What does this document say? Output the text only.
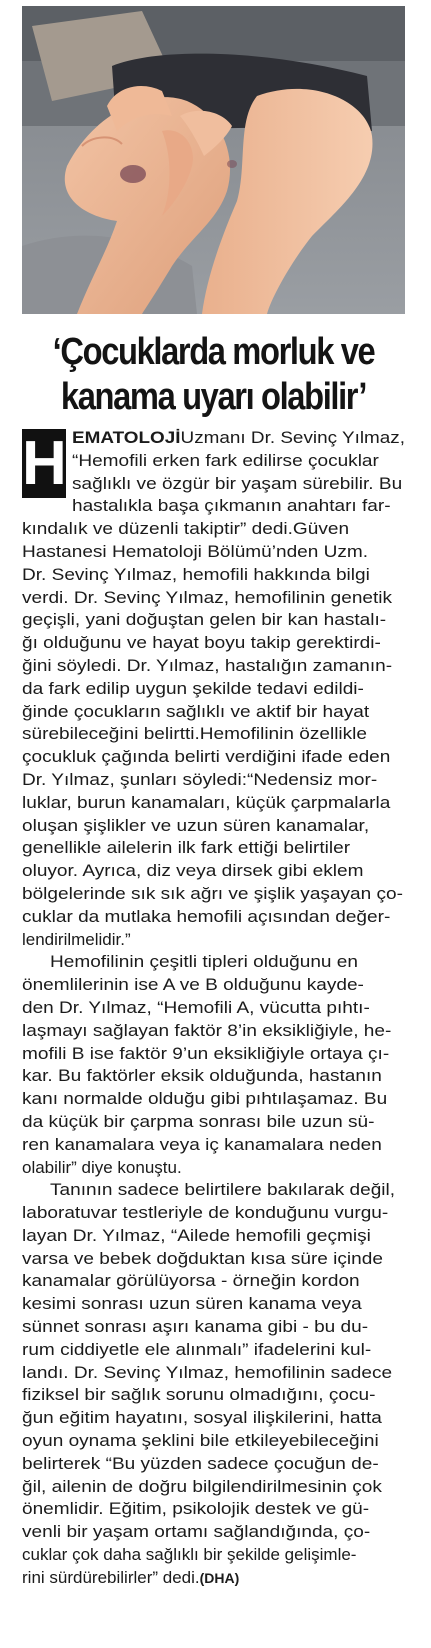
‘Çocuklarda morluk ve
kanama uyarı olabilir’
H EMATOLOJİUzmanı Dr. Sevinç Yılmaz,
“Hemofili erken fark edilirse çocuklar
sağlıklı ve özgür bir yaşam sürebilir. Bu
hastalıkla başa çıkmanın anahtarı far-
kındalık ve düzenli takiptir” dedi.Güven
Hastanesi Hematoloji Bölümü’nden Uzm.
Dr. Sevinç Yılmaz, hemofili hakkında bilgi
verdi. Dr. Sevinç Yılmaz, hemofilinin genetik
geçişli, yani doğuştan gelen bir kan hastalı-
ğı olduğunu ve hayat boyu takip gerektirdi-
ğini söyledi. Dr. Yılmaz, hastalığın zamanın-
da fark edilip uygun şekilde tedavi edildi-
ğinde çocukların sağlıklı ve aktif bir hayat
sürebileceğini belirtti.Hemofilinin özellikle
çocukluk çağında belirti verdiğini ifade eden
Dr. Yılmaz, şunları söyledi:“Nedensiz mor-
luklar, burun kanamaları, küçük çarpmalarla
oluşan şişlikler ve uzun süren kanamalar,
genellikle ailelerin ilk fark ettiği belirtiler
oluyor. Ayrıca, diz veya dirsek gibi eklem
bölgelerinde sık sık ağrı ve şişlik yaşayan ço-
cuklar da mutlaka hemofili açısından değer-
lendirilmelidir.”
Hemofilinin çeşitli tipleri olduğunu en
önemlilerinin ise A ve B olduğunu kayde-
den Dr. Yılmaz, “Hemofili A, vücutta pıhtı-
laşmayı sağlayan faktör 8’in eksikliğiyle, he-
mofili B ise faktör 9’un eksikliğiyle ortaya çı-
kar. Bu faktörler eksik olduğunda, hastanın
kanı normalde olduğu gibi pıhtılaşamaz. Bu
da küçük bir çarpma sonrası bile uzun sü-
ren kanamalara veya iç kanamalara neden
olabilir” diye konuştu.
Tanının sadece belirtilere bakılarak değil,
laboratuvar testleriyle de konduğunu vurgu-
layan Dr. Yılmaz, “Ailede hemofili geçmişi
varsa ve bebek doğduktan kısa süre içinde
kanamalar görülüyorsa - örneğin kordon
kesimi sonrası uzun süren kanama veya
sünnet sonrası aşırı kanama gibi - bu du-
rum ciddiyetle ele alınmalı” ifadelerini kul-
landı. Dr. Sevinç Yılmaz, hemofilinin sadece
fiziksel bir sağlık sorunu olmadığını, çocu-
ğun eğitim hayatını, sosyal ilişkilerini, hatta
oyun oynama şeklini bile etkileyebileceğini
belirterek “Bu yüzden sadece çocuğun de-
ğil, ailenin de doğru bilgilendirilmesinin çok
önemlidir. Eğitim, psikolojik destek ve gü-
venli bir yaşam ortamı sağlandığında, ço-
cuklar çok daha sağlıklı bir şekilde gelişimle-
rini sürdürebilirler” dedi.(DHA)
